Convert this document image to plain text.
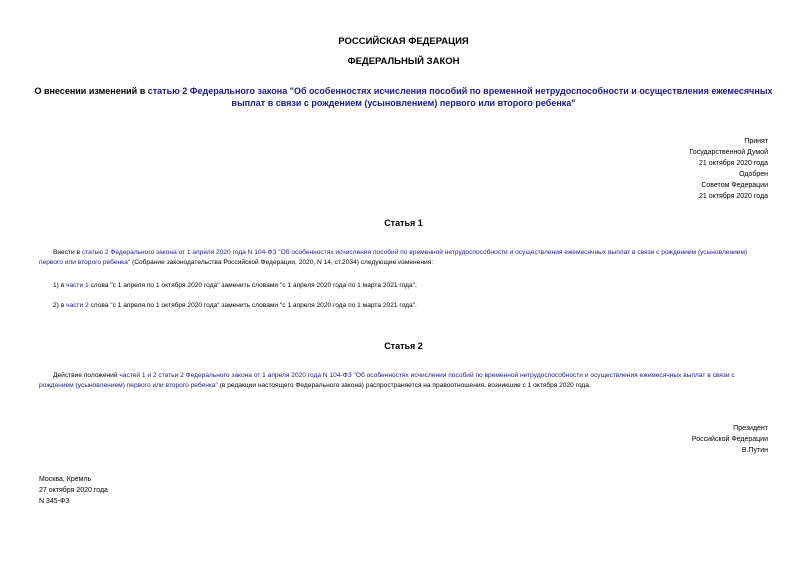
РОССИЙСКАЯ ФЕДЕРАЦИЯ
ФЕДЕРАЛЬНЫЙ ЗАКОН
О внесении изменений в статью 2 Федерального закона "Об особенностях исчисления пособий по временной нетрудоспособности и осуществления ежемесячных выплат в связи с рождением (усыновлением) первого или второго ребенка"
Принят
Государственной Думой
21 октября 2020 года
Одобрен
Советом Федерации
21 октября 2020 года
Статья 1
Внести в статью 2 Федерального закона от 1 апреля 2020 года N 104-ФЗ "Об особенностях исчисления пособий по временной нетрудоспособности и осуществления ежемесячных выплат в связи с рождением (усыновлением) первого или второго ребенка" (Собрание законодательства Российской Федерации, 2020, N 14, ст.2034) следующие изменения:
1) в части 1 слова "с 1 апреля по 1 октября 2020 года" заменить словами "с 1 апреля 2020 года по 1 марта 2021 года";
2) в части 2 слова "с 1 апреля по 1 октября 2020 года" заменить словами "с 1 апреля 2020 года по 1 марта 2021 года".
Статья 2
Действие положений частей 1 и 2 статьи 2 Федерального закона от 1 апреля 2020 года N 104-ФЗ "Об особенностях исчисления пособий по временной нетрудоспособности и осуществления ежемесячных выплат в связи с рождением (усыновлением) первого или второго ребенка" (в редакции настоящего Федерального закона) распространяется на правоотношения, возникшие с 1 октября 2020 года.
Президент
Российской Федерации
В.Путин
Москва, Кремль
27 октября 2020 года
N 345-ФЗ
